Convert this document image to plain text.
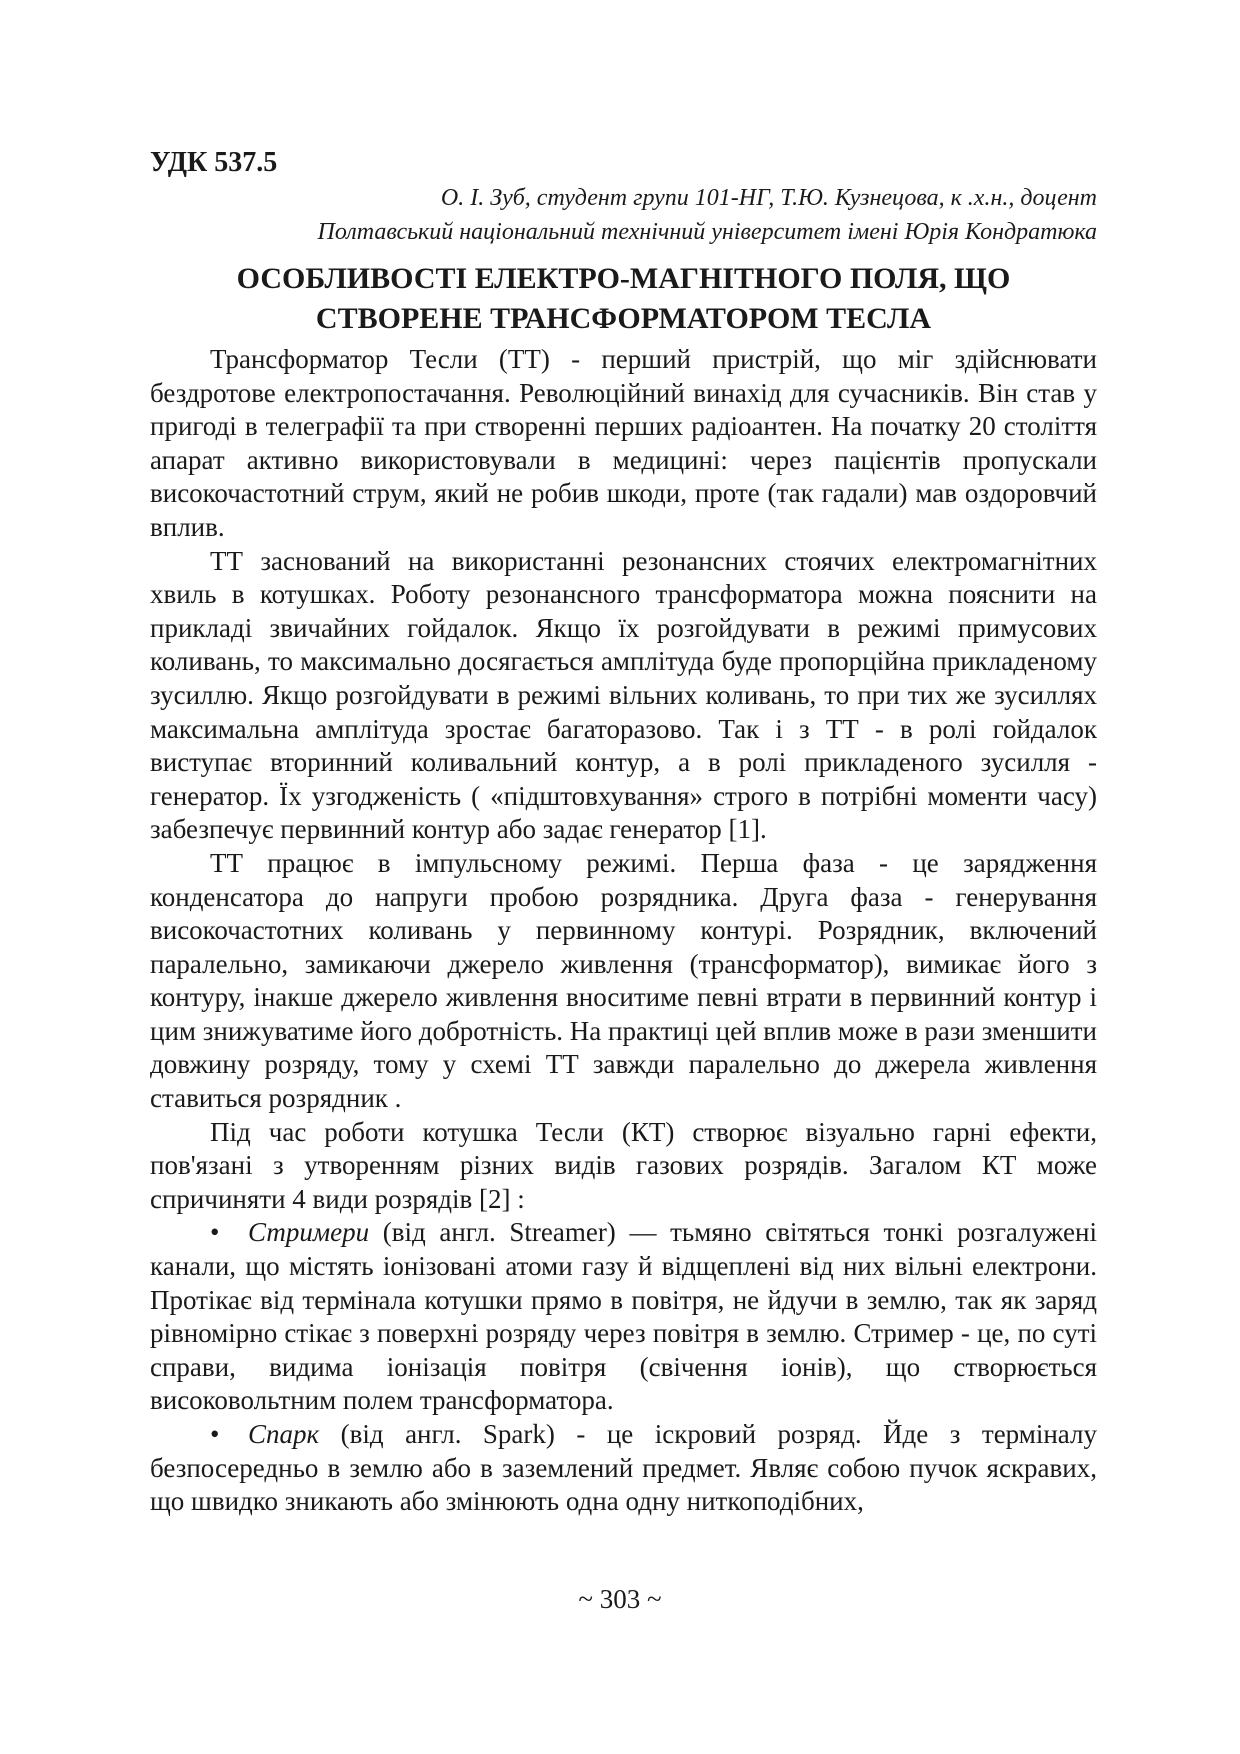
УДК 537.5

О. І. Зуб, студент групи 101-НГ, Т.Ю. Кузнецова, к .х.н., доцент

Полтавський національний технічний університет імені Юрія Кондратюка

ОСОБЛИВОСТІ ЕЛЕКТРО-МАГНІТНОГО ПОЛЯ, ЩО
СТВОРЕНЕ ТРАНСФОРМАТОРОМ ТЕСЛА

Трансформатор Тесли (ТТ) - перший пристрій, що міг здійснювати бездротове електропостачання. Революційний винахід для сучасників. Він став у пригоді в телеграфії та при створенні перших радіоантен. На початку 20 століття апарат активно використовували в медицині: через пацієнтів пропускали високочастотний струм, який не робив шкоди, проте (так гадали) мав оздоровчий вплив.

ТТ заснований на використанні резонансних стоячих електромагнітних хвиль в котушках. Роботу резонансного трансформатора можна пояснити на прикладі звичайних гойдалок. Якщо їх розгойдувати в режимі примусових коливань, то максимально досягається амплітуда буде пропорційна прикладеному зусиллю. Якщо розгойдувати в режимі вільних коливань, то при тих же зусиллях максимальна амплітуда зростає багаторазово. Так і з ТТ - в ролі гойдалок виступає вторинний коливальний контур, а в ролі прикладеного зусилля - генератор. Їх узгодженість ( «підштовхування» строго в потрібні моменти часу) забезпечує первинний контур або задає генератор [1].

ТТ працює в імпульсному режимі. Перша фаза - це зарядження конденсатора до напруги пробою розрядника. Друга фаза - генерування високочастотних коливань у первинному контурі. Розрядник, включений паралельно, замикаючи джерело живлення (трансформатор), вимикає його з контуру, інакше джерело живлення вноситиме певні втрати в первинний контур і цим знижуватиме його добротність. На практиці цей вплив може в рази зменшити довжину розряду, тому у схемі ТТ завжди паралельно до джерела живлення ставиться розрядник .

Під час роботи котушка Тесли (КТ) створює візуально гарні ефекти, пов'язані з утворенням різних видів газових розрядів. Загалом КТ може спричиняти 4 види розрядів [2] :

• Стримери (від англ. Streamer) — тьмяно світяться тонкі розгалужені канали, що містять іонізовані атоми газу й відщеплені від них вільні електрони. Протікає від термінала котушки прямо в повітря, не йдучи в землю, так як заряд рівномірно стікає з поверхні розряду через повітря в землю. Стример - це, по суті справи, видима іонізація повітря (свічення іонів), що створюється високовольтним полем трансформатора.

• Спарк (від англ. Spark) - це іскровий розряд. Йде з терміналу безпосередньо в землю або в заземлений предмет. Являє собою пучок яскравих, що швидко зникають або змінюють одна одну ниткоподібних,

~ 303 ~
